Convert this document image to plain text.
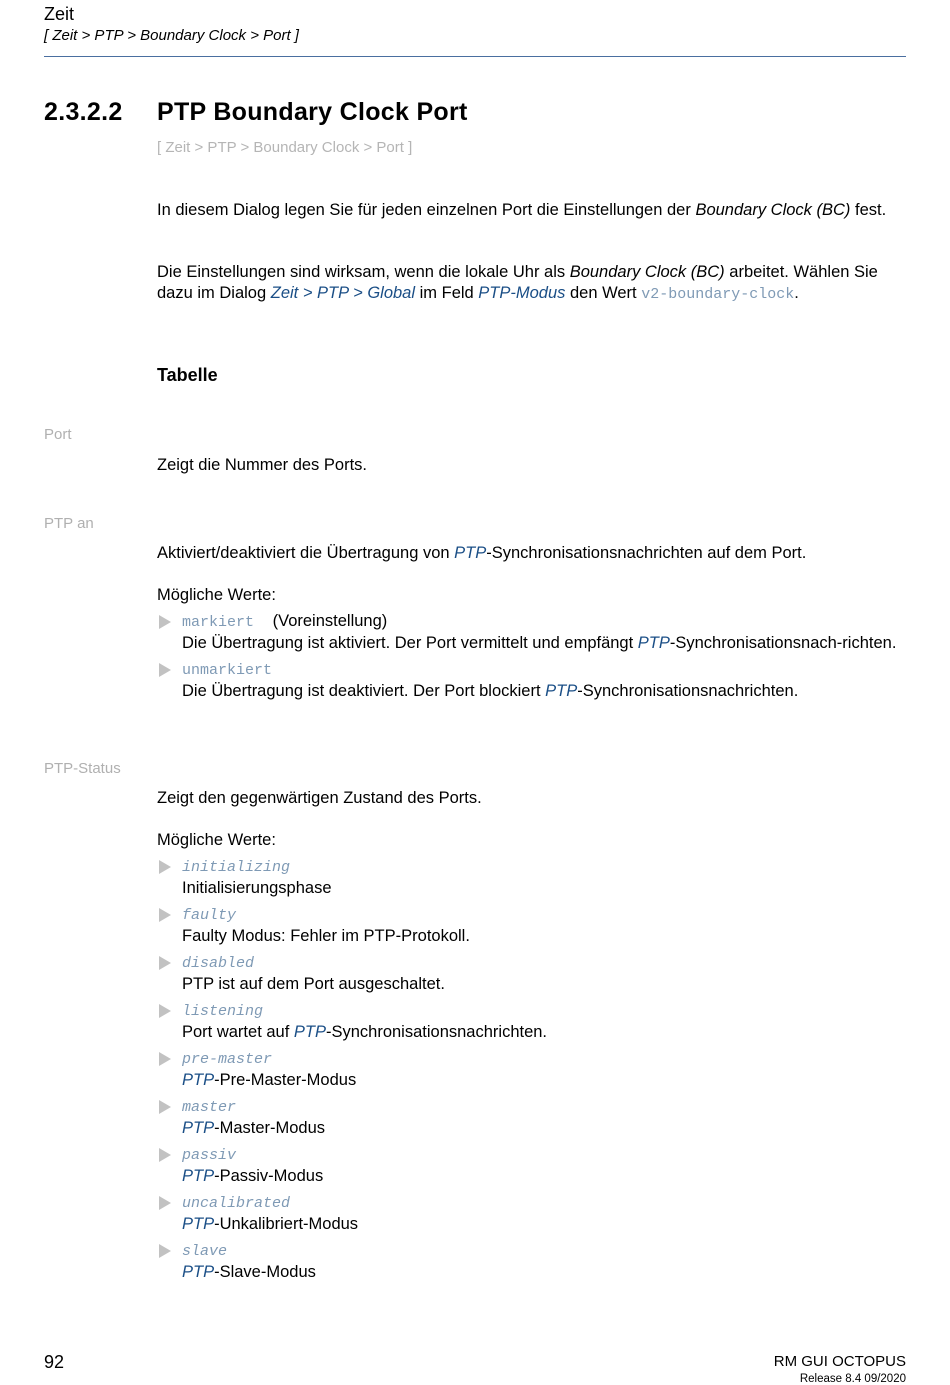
Zeit
[ Zeit > PTP > Boundary Clock > Port ]
2.3.2.2 PTP Boundary Clock Port
[ Zeit > PTP > Boundary Clock > Port ]
In diesem Dialog legen Sie für jeden einzelnen Port die Einstellungen der Boundary Clock (BC) fest.
Die Einstellungen sind wirksam, wenn die lokale Uhr als Boundary Clock (BC) arbeitet. Wählen Sie dazu im Dialog Zeit > PTP > Global im Feld PTP-Modus den Wert v2-boundary-clock.
Tabelle
Port
Zeigt die Nummer des Ports.
PTP an
Aktiviert/deaktiviert die Übertragung von PTP-Synchronisationsnachrichten auf dem Port.
Mögliche Werte:
markiert (Voreinstellung)
Die Übertragung ist aktiviert. Der Port vermittelt und empfängt PTP-Synchronisationsnach-richten.
unmarkiert
Die Übertragung ist deaktiviert. Der Port blockiert PTP-Synchronisationsnachrichten.
PTP-Status
Zeigt den gegenwärtigen Zustand des Ports.
Mögliche Werte:
initializing
Initialisierungsphase
faulty
Faulty Modus: Fehler im PTP-Protokoll.
disabled
PTP ist auf dem Port ausgeschaltet.
listening
Port wartet auf PTP-Synchronisationsnachrichten.
pre-master
PTP-Pre-Master-Modus
master
PTP-Master-Modus
passiv
PTP-Passiv-Modus
uncalibrated
PTP-Unkalibriert-Modus
slave
PTP-Slave-Modus
92	RM GUI OCTOPUS
Release 8.4 09/2020
